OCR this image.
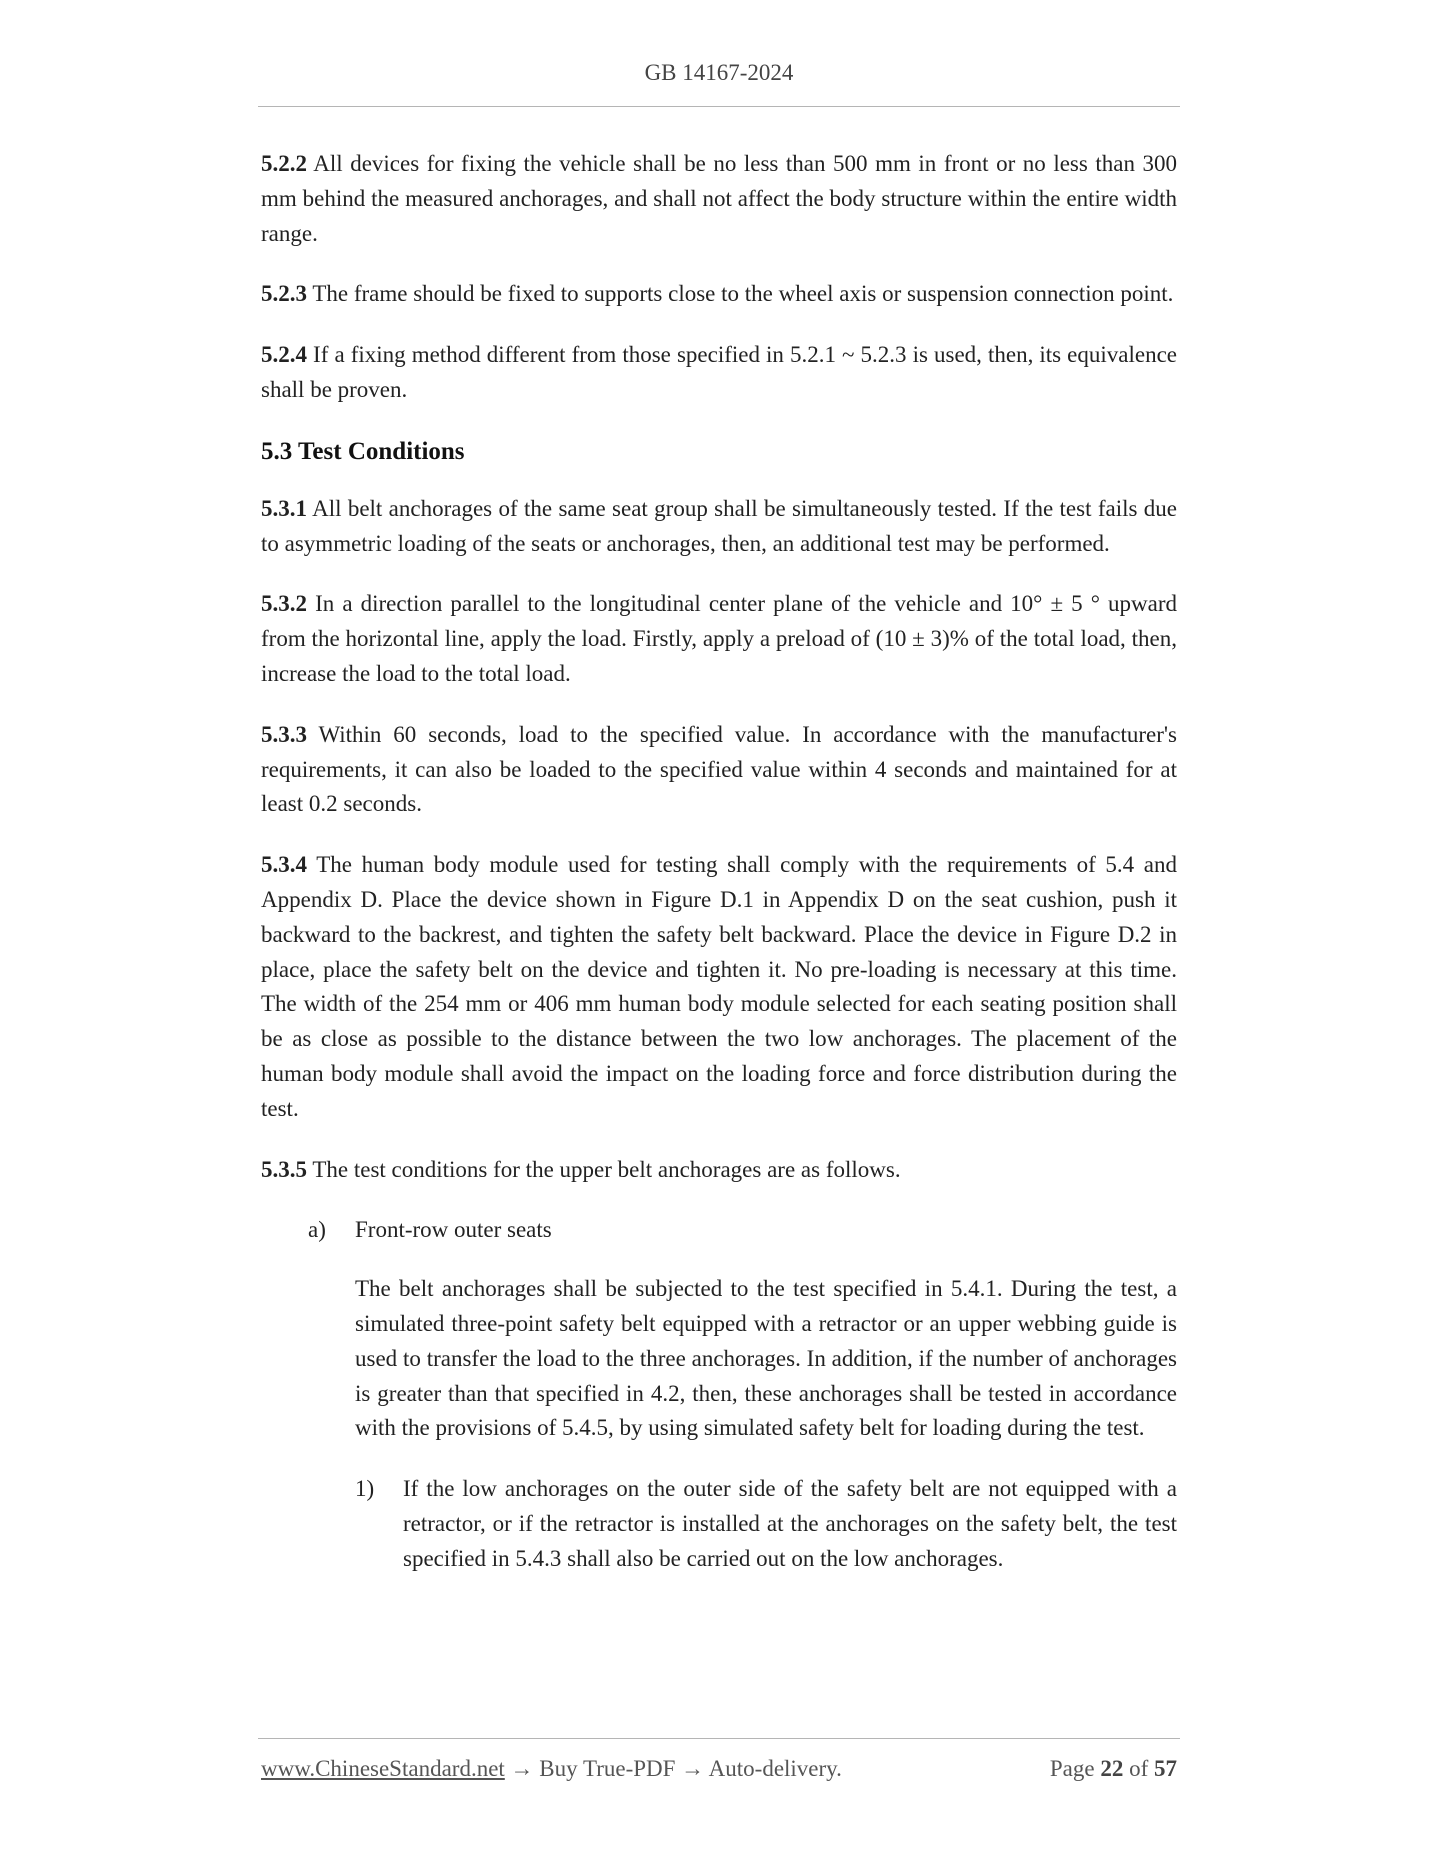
GB 14167-2024

5.2.2 All devices for fixing the vehicle shall be no less than 500 mm in front or no less than 300 mm behind the measured anchorages, and shall not affect the body structure within the entire width range.

5.2.3 The frame should be fixed to supports close to the wheel axis or suspension connection point.

5.2.4 If a fixing method different from those specified in 5.2.1 ~ 5.2.3 is used, then, its equivalence shall be proven.

5.3 Test Conditions

5.3.1 All belt anchorages of the same seat group shall be simultaneously tested. If the test fails due to asymmetric loading of the seats or anchorages, then, an additional test may be performed.

5.3.2 In a direction parallel to the longitudinal center plane of the vehicle and 10° ± 5 ° upward from the horizontal line, apply the load. Firstly, apply a preload of (10 ± 3)% of the total load, then, increase the load to the total load.

5.3.3 Within 60 seconds, load to the specified value. In accordance with the manufacturer's requirements, it can also be loaded to the specified value within 4 seconds and maintained for at least 0.2 seconds.

5.3.4 The human body module used for testing shall comply with the requirements of 5.4 and Appendix D. Place the device shown in Figure D.1 in Appendix D on the seat cushion, push it backward to the backrest, and tighten the safety belt backward. Place the device in Figure D.2 in place, place the safety belt on the device and tighten it. No pre-loading is necessary at this time. The width of the 254 mm or 406 mm human body module selected for each seating position shall be as close as possible to the distance between the two low anchorages. The placement of the human body module shall avoid the impact on the loading force and force distribution during the test.

5.3.5 The test conditions for the upper belt anchorages are as follows.

a)	Front-row outer seats

The belt anchorages shall be subjected to the test specified in 5.4.1. During the test, a simulated three-point safety belt equipped with a retractor or an upper webbing guide is used to transfer the load to the three anchorages. In addition, if the number of anchorages is greater than that specified in 4.2, then, these anchorages shall be tested in accordance with the provisions of 5.4.5, by using simulated safety belt for loading during the test.

1)	If the low anchorages on the outer side of the safety belt are not equipped with a retractor, or if the retractor is installed at the anchorages on the safety belt, the test specified in 5.4.3 shall also be carried out on the low anchorages.
www.ChineseStandard.net → Buy True-PDF → Auto-delivery.	Page 22 of 57
